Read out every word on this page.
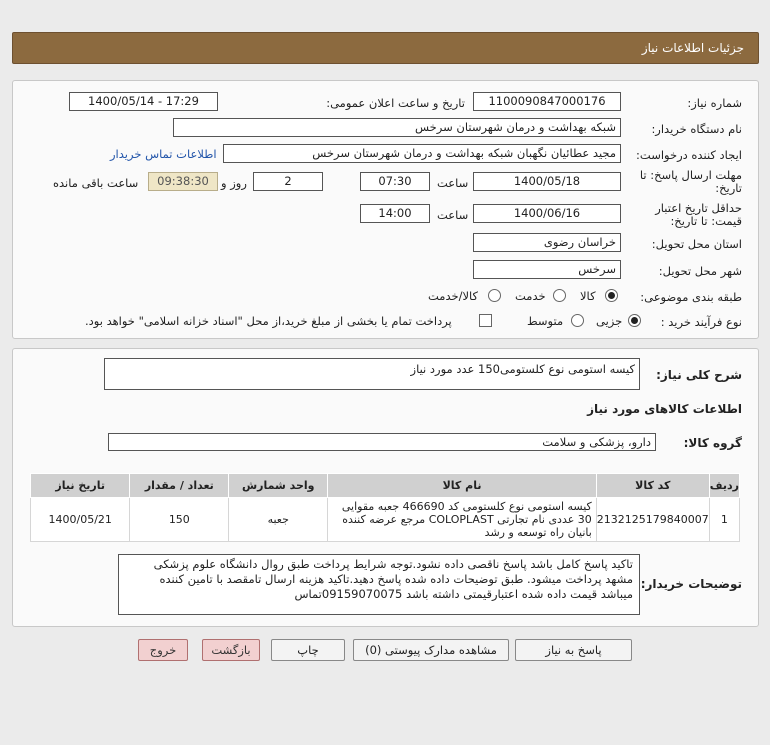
جزئیات اطلاعات نیاز
شماره نیاز:
1100090847000176
تاریخ و ساعت اعلان عمومی:
1400/05/14 - 17:29
نام دستگاه خریدار:
شبکه بهداشت و درمان شهرستان سرخس
ایجاد کننده درخواست:
مجید عطائیان نگهبان شبکه بهداشت و درمان شهرستان سرخس
اطلاعات تماس خریدار
مهلت ارسال پاسخ: تا
تاریخ:
1400/05/18
ساعت
07:30
2
روز و
09:38:30
ساعت باقی مانده
حداقل تاریخ اعتبار
قیمت: تا تاریخ:
1400/06/16
ساعت
14:00
استان محل تحویل:
خراسان رضوی
شهر محل تحویل:
سرخس
طبقه بندی موضوعی:
کالا
خدمت
کالا/خدمت
نوع فرآیند خرید :
جزیی
متوسط
پرداخت تمام یا بخشی از مبلغ خرید،از محل "اسناد خزانه اسلامی" خواهد بود.
شرح کلی نیاز:
کیسه استومی نوع کلستومی150 عدد مورد نیاز
اطلاعات کالاهای مورد نیاز
گروه کالا:
دارو، پزشکی و سلامت
ردیف	کد کالا	نام کالا	واحد شمارش	تعداد / مقدار	تاریخ نیاز
1	2132125179840007	کیسه استومی نوع کلستومی کد 466690 جعبه مقوایی 30 عددی نام تجارتی COLOPLAST مرجع عرضه کننده بانیان راه توسعه و رشد	جعبه	150	1400/05/21
توضیحات خریدار:
تاکید پاسخ کامل باشد پاسخ ناقصی داده نشود.توجه شرایط پرداخت طبق روال دانشگاه علوم پزشکی مشهد پرداخت میشود. طبق توضیحات داده شده پاسخ دهید.تاکید هزینه ارسال تامقصد با تامین کننده میباشد قیمت داده شده اعتبارقیمتی داشته باشد 09159070075تماس
پاسخ به نیاز
مشاهده مدارک پیوستی (0)
چاپ
بازگشت
خروج
